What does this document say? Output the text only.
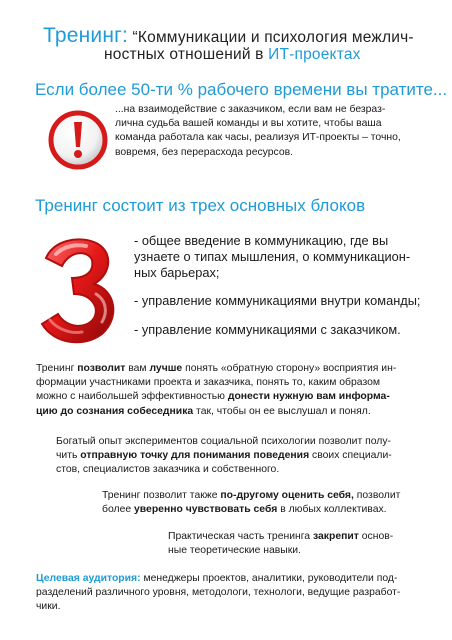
Тренинг: “Коммуникации и психология межлич-
ностных отношений в ИТ-проектах
Если более 50-ти % рабочего времени вы тратите...

...на взаимодействие с заказчиком, если вам не безраз-

лична судьба вашей команды и вы хотите, чтобы ваша

команда работала как часы, реализуя ИТ-проекты – точно,

вовремя, без перерасхода ресурсов.

Тренинг состоит из трех основных блоков
- общее введение в коммуникацию, где вы
узнаете о типах мышления, о коммуникацион-
ных барьерах;
- управление коммуникациями внутри команды;
- управление коммуникациями с заказчиком.

Тренинг позволит вам лучше понять «обратную сторону» восприятия ин-

формации участниками проекта и заказчика, понять то, каким образом

можно с наибольшей эффективностью донести нужную вам информа-

цию до сознания собеседника так, чтобы он ее выслушал и понял.

Богатый опыт экспериментов социальной психологии позволит полу-

чить отправную точку для понимания поведения своих специали-

стов, специалистов заказчика и собственного.

Тренинг позволит также по-другому оценить себя, позволит

более уверенно чувствовать себя в любых коллективах.

Практическая часть тренинга закрепит основ-

ные теоретические навыки.

Целевая аудитория: менеджеры проектов, аналитики, руководители под-

разделений различного уровня, методологи, технологи, ведущие разработ-

чики.
